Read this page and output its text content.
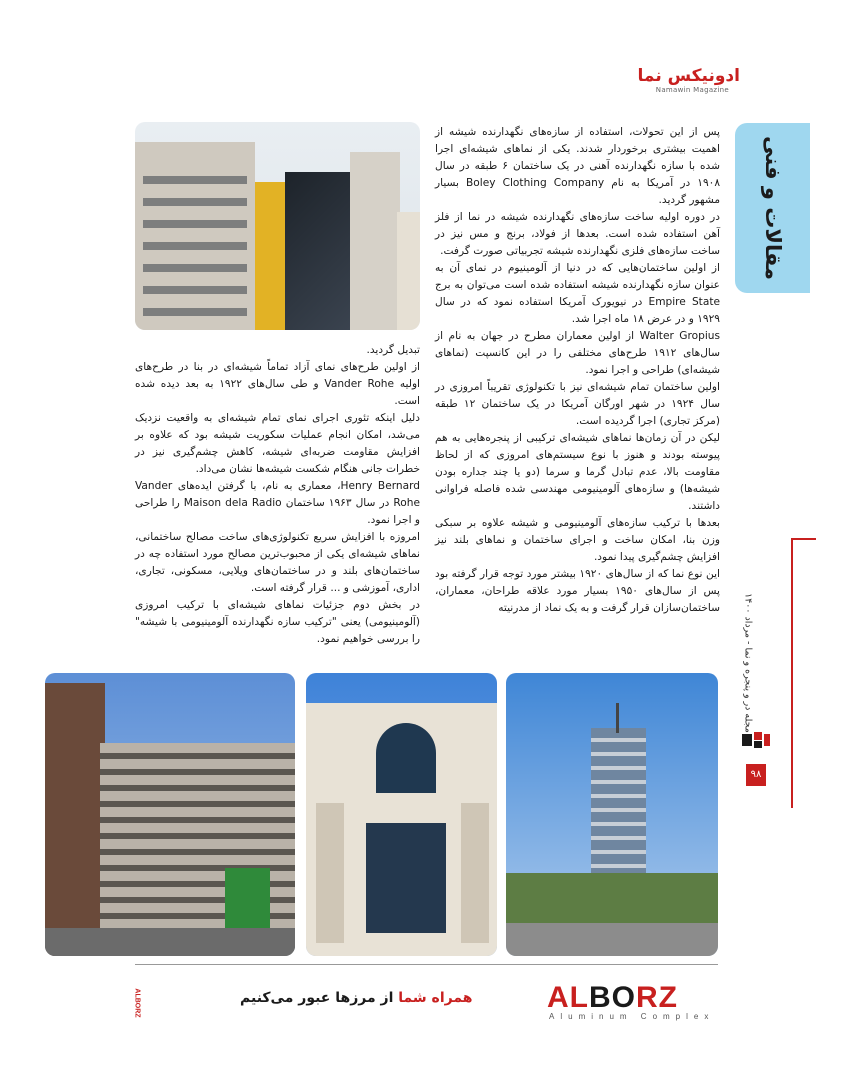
ادونیکس نما
Namawin Magazine
مقالات و فنی

پس از این تحولات، استفاده از سازه‌های نگهدارنده شیشه از اهمیت بیشتری برخوردار شدند. یکی از نماهای شیشه‌ای اجرا شده با سازه نگهدارنده آهنی در یک ساختمان ۶ طبقه در سال ۱۹۰۸ در آمریکا به نام Boley Clothing Company بسیار مشهور گردید.

در دوره اولیه ساخت سازه‌های نگهدارنده شیشه در نما از فلز آهن استفاده شده است. بعدها از فولاد، برنج و مس نیز در ساخت سازه‌های فلزی نگهدارنده شیشه تجربیاتی صورت گرفت.

از اولین ساختمان‌هایی که در دنیا از آلومینیوم در نمای آن به عنوان سازه نگهدارنده شیشه استفاده شده است می‌توان به برج Empire State در نیویورک آمریکا استفاده نمود که در سال ۱۹۲۹ و در عرض ۱۸ ماه اجرا شد.

Walter Gropius از اولین معماران مطرح در جهان به نام از سال‌های ۱۹۱۲ طرح‌های مختلفی را در این کانسپت (نماهای شیشه‌ای) طراحی و اجرا نمود.

اولین ساختمان تمام شیشه‌ای نیز با تکنولوژی تقریباً امروزی در سال ۱۹۲۴ در شهر اورگان آمریکا در یک ساختمان ۱۲ طبقه (مرکز تجاری) اجرا گردیده است.

لیکن در آن زمان‌ها نماهای شیشه‌ای ترکیبی از پنجره‌هایی به هم پیوسته بودند و هنوز با نوع سیستم‌های امروزی که از لحاظ مقاومت بالا، عدم تبادل گرما و سرما (دو یا چند جداره بودن شیشه‌ها) و سازه‌های آلومینیومی مهندسی شده فاصله فراوانی داشتند.

بعدها با ترکیب سازه‌های آلومینیومی و شیشه علاوه بر سبکی وزن بنا، امکان ساخت و اجرای ساختمان و نماهای بلند نیز افزایش چشم‌گیری پیدا نمود.

این نوع نما که از سال‌های ۱۹۲۰ بیشتر مورد توجه قرار گرفته بود پس از سال‌های ۱۹۵۰ بسیار مورد علاقه طراحان، معماران، ساختمان‌سازان قرار گرفت و به یک نماد از مدرنیته

تبدیل گردید.

از اولین طرح‌های نمای آزاد تماماً شیشه‌ای در بنا در طرح‌های اولیه Vander Rohe و طی سال‌های ۱۹۲۲ به بعد دیده شده است.

دلیل اینکه تئوری اجرای نمای تمام شیشه‌ای به واقعیت نزدیک می‌شد، امکان انجام عملیات سکوریت شیشه بود که علاوه بر افزایش مقاومت ضربه‌ای شیشه، کاهش چشم‌گیری نیز در خطرات جانی هنگام شکست شیشه‌ها نشان می‌داد.

Henry Bernard، معماری به نام، با گرفتن ایده‌های Vander Rohe در سال ۱۹۶۳ ساختمان Maison dela Radio را طراحی و اجرا نمود.

امروزه با افزایش سریع تکنولوژی‌های ساخت مصالح ساختمانی، نماهای شیشه‌ای یکی از محبوب‌ترین مصالح مورد استفاده چه در ساختمان‌های بلند و در ساختمان‌های ویلایی، مسکونی، تجاری، اداری، آموزشی و ... قرار گرفته است.

در بخش دوم جزئیات نماهای شیشه‌ای با ترکیب امروزی (آلومینیومی) یعنی "ترکیب سازه نگهدارنده آلومینیومی با شیشه" را بررسی خواهیم نمود.

مجله در و پنجره و نما - مرداد ۱۴۰۰
۹۸
همراه شما از مرزها عبور می‌کنیم	ALBORZ
Aluminum Complex
ALBORZ
